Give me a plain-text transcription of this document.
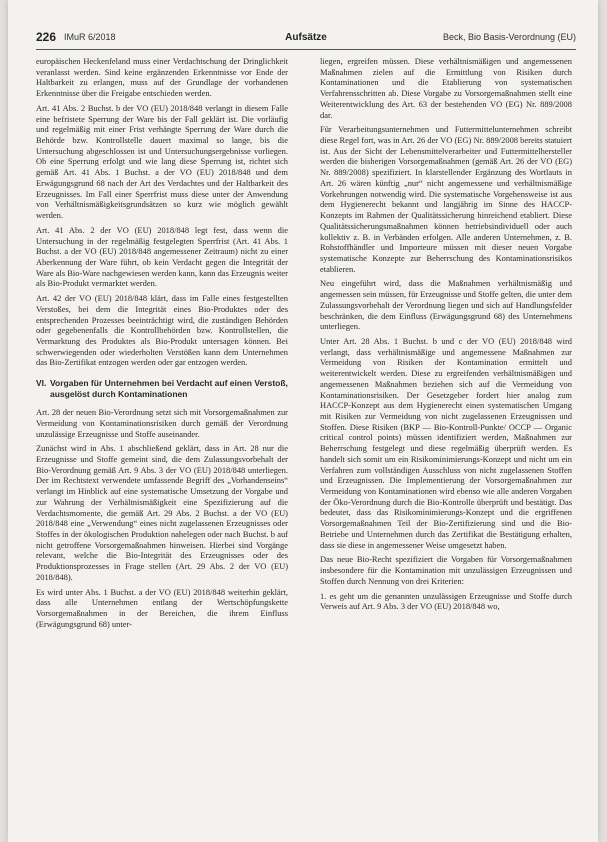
226 IMuR 6/2018	Aufsätze	Beck, Bio Basis-Verordnung (EU)

europäischen Heckenfeland muss einer Verdachtschung der Dringlichkeit veranlasst werden. Sind keine ergänzenden Erkenntnisse vor Ende der Haltbarkeit zu erlangen, muss auf der Grundlage der vorhandenen Erkenntnisse über die Freigabe entschieden werden.

Art. 41 Abs. 2 Buchst. b der VO (EU) 2018/848 verlangt in diesem Falle eine befristete Sperrung der Ware bis der Fall geklärt ist. Die vorläufig und regelmäßig mit einer Frist verhängte Sperrung der Ware durch die Behörde bzw. Kontrollstelle dauert maximal so lange, bis die Untersuchung abgeschlossen ist und Untersuchungsergebnisse vorliegen. Ob eine Sperrung erfolgt und wie lang diese Sperrung ist, richtet sich gemäß Art. 41 Abs. 1 Buchst. a der VO (EU) 2018/848 und dem Erwägungsgrund 68 nach der Art des Verdachtes und der Haltbarkeit des Erzeugnisses. Im Fall einer Sperrfrist muss diese unter der Anwendung von Verhältnismäßigkeitsgrundsätzen so kurz wie möglich gewählt werden.

Art. 41 Abs. 2 der VO (EU) 2018/848 legt fest, dass wenn die Untersuchung in der regelmäßig festgelegten Sperrfrist (Art. 41 Abs. 1 Buchst. a der VO (EU) 2018/848 angemessener Zeitraum) nicht zu einer Aberkennung der Ware führt, ob kein Verdacht gegen die Integrität der Ware als Bio-Ware nachgewiesen werden kann, kann das Erzeugnis weiter als Bio-Produkt vermarktet werden.

Art. 42 der VO (EU) 2018/848 klärt, dass im Falle eines festgestellten Verstoßes, bei dem die Integrität eines Bio-Produktes oder des entsprechenden Prozesses beeinträchtigt wird, die zuständigen Behörden oder gegebenenfalls die Kontrollbehörden bzw. Kontrollstellen, die Vermarktung des Produktes als Bio-Produkt untersagen können. Bei schwerwiegenden oder wiederholten Verstößen kann dem Unternehmen das Bio-Zertifikat entzogen werden oder gar entzogen werden.

VI. Vorgaben für Unternehmen bei Verdacht auf einen Verstoß, ausgelöst durch Kontaminationen

Art. 28 der neuen Bio-Verordnung setzt sich mit Vorsorgemaßnahmen zur Vermeidung von Kontaminationsrisiken durch gemäß der Verordnung unzulässige Erzeugnisse und Stoffe auseinander.

Zunächst wird in Abs. 1 abschließend geklärt, dass in Art. 28 nur die Erzeugnisse und Stoffe gemeint sind, die dem Zulassungsvorbehalt der Bio-Verordnung gemäß Art. 9 Abs. 3 der VO (EU) 2018/848 unterliegen. Der im Rechtstext verwendete umfassende Begriff des „Vorhandenseins“ verlangt im Hinblick auf eine systematische Umsetzung der Vorgabe und zur Wahrung der Verhältnismäßigkeit eine Spezifizierung auf die Verdachtsmomente, die gemäß Art. 29 Abs. 2 Buchst. a der VO (EU) 2018/848 eine „Verwendung“ eines nicht zugelassenen Erzeugnisses oder Stoffes in der ökologischen Produktion nahelegen oder nach Buchst. b auf nicht getroffene Vorsorgemaßnahmen hinweisen. Hierbei sind Vorgänge relevant, welche die Bio-Integrität des Erzeugnisses oder des Produktionsprozesses in Frage stellen (Art. 29 Abs. 2 der VO (EU) 2018/848).

Es wird unter Abs. 1 Buchst. a der VO (EU) 2018/848 weiterhin geklärt, dass alle Unternehmen entlang der Wertschöpfungskette Vorsorgemaßnahmen in der Bereichen, die ihrem Einfluss (Erwägungsgrund 68) unter-

liegen, ergreifen müssen. Diese verhältnismäßigen und angemessenen Maßnahmen zielen auf die Ermittlung von Risiken durch Kontaminationen und die Etablierung von systematischen Verfahrensschritten ab. Diese Vorgabe zu Vorsorgemaßnahmen stellt eine Weiterentwicklung des Art. 63 der bestehenden VO (EG) Nr. 889/2008 dar.

Für Verarbeitungsunternehmen und Futtermittelunternehmen schreibt diese Regel fort, was in Art. 26 der VO (EG) Nr. 889/2008 bereits statuiert ist. Aus der Sicht der Lebensmittelverarbeiter und Futtermittelhersteller werden die bisherigen Vorsorgemaßnahmen (gemäß Art. 26 der VO (EG) Nr. 889/2008) spezifiziert. In klarstellender Ergänzung des Wortlauts in Art. 26 wären künftig „nur“ nicht angemessene und verhältnismäßige Vorkehrungen notwendig wird. Die systematische Vorgehensweise ist aus dem Hygienerecht bekannt und langjährig im Sinne des HACCP-Konzepts im Rahmen der Qualitätssicherung hinreichend etabliert. Diese Qualitätssicherungsmaßnahmen können betriebsindividuell oder auch kollektiv z. B. in Verbänden erfolgen. Alle anderen Unternehmen, z. B. Rohstoffhändler und Importeure müssen mit dieser neuen Vorgabe systematische Konzepte zur Beherrschung des Kontaminationsrisikos etablieren.

Neu eingeführt wird, dass die Maßnahmen verhältnismäßig und angemessen sein müssen, für Erzeugnisse und Stoffe gelten, die unter dem Zulassungsvorbehalt der Verordnung liegen und sich auf Handlungsfelder beschränken, die dem Einfluss (Erwägungsgrund 68) des Unternehmens unterliegen.

Unter Art. 28 Abs. 1 Buchst. b und c der VO (EU) 2018/848 wird verlangt, dass verhältnismäßige und angemessene Maßnahmen zur Vermeidung von Risiken der Kontamination ermittelt und weiterentwickelt werden. Diese zu ergreifenden verhältnismäßigen und angemessenen Maßnahmen beziehen sich auf die Vermeidung von Kontaminationsrisiken. Der Gesetzgeber fordert hier analog zum HACCP-Konzept aus dem Hygienerecht einen systematischen Umgang mit Risiken zur Vermeidung von nicht zugelassenen Erzeugnissen und Stoffen. Diese Risiken (BKP — Bio-Kontroll-Punkte/ OCCP — Organic critical control points) müssen identifiziert werden, Maßnahmen zur Beherrschung festgelegt und diese regelmäßig überprüft werden. Es handelt sich somit um ein Risikominimierungs-Konzept und nicht um ein Verfahren zum vollständigen Ausschluss von nicht zugelassenen Stoffen und Erzeugnissen. Die Implementierung der Vorsorgemaßnahmen zur Vermeidung von Kontaminationen wird ebenso wie alle anderen Vorgaben der Öko-Verordnung durch die Bio-Kontrolle überprüft und bestätigt. Das bedeutet, dass das Risikominimierungs-Konzept und die ergriffenen Vorsorgemaßnahmen Teil der Bio-Zertifizierung sind und die Bio-Betriebe und Unternehmen durch das Zertifikat die Bestätigung erhalten, dass sie diese in angemessener Weise umgesetzt haben.

Das neue Bio-Recht spezifiziert die Vorgaben für Vorsorgemaßnahmen insbesondere für die Kontamination mit unzulässigen Erzeugnissen und Stoffen durch Nennung von drei Kriterien:

1. es geht um die genannten unzulässigen Erzeugnisse und Stoffe durch Verweis auf Art. 9 Abs. 3 der VO (EU) 2018/848 wo,
